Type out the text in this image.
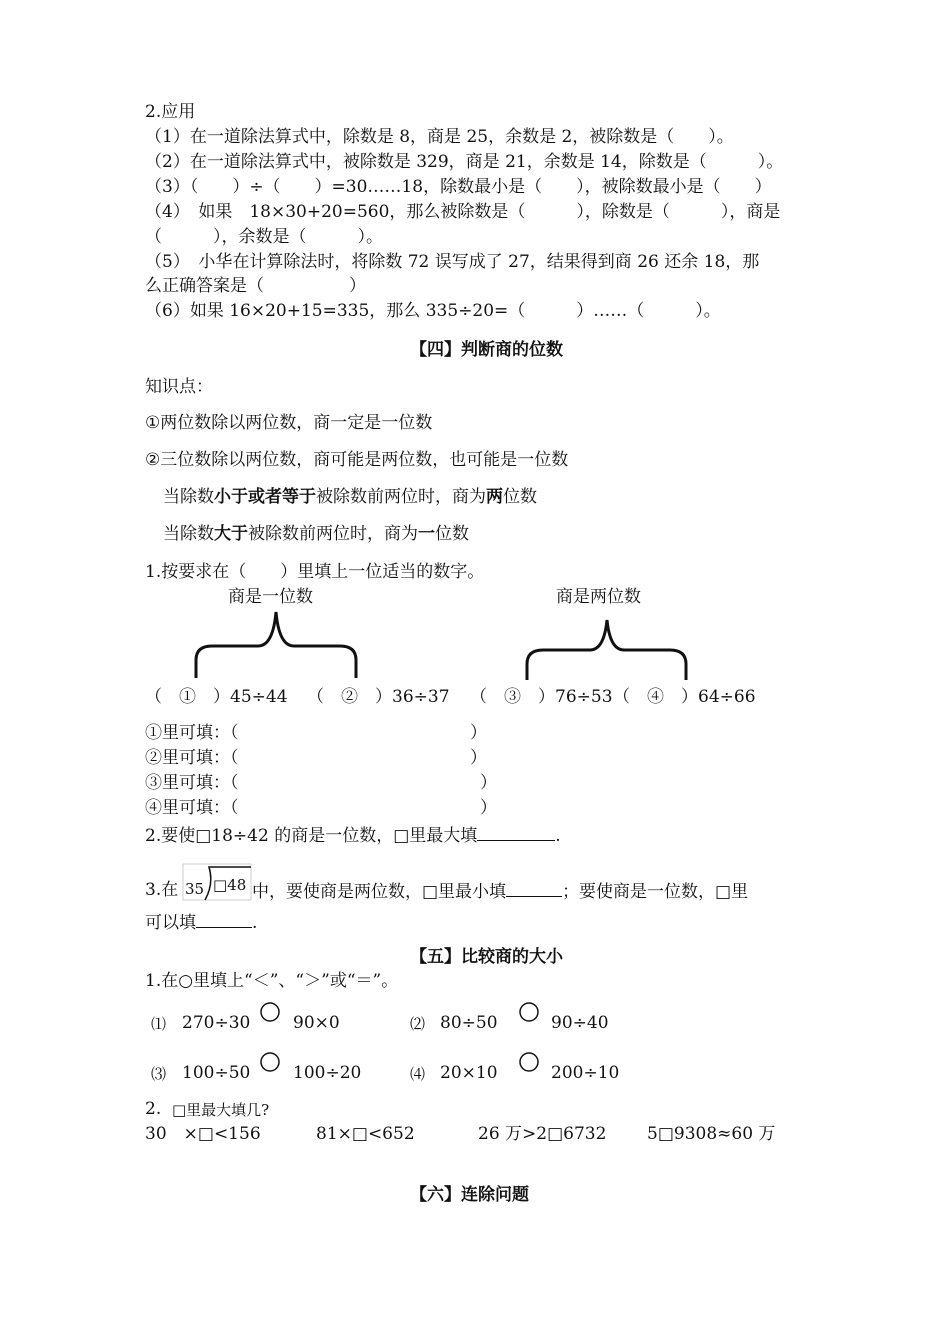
2.应用
（1）在一道除法算式中，除数是 8，商是 25，余数是 2，被除数是（　　）。
（2）在一道除法算式中，被除数是 329，商是 21，余数是 14，除数是（　　　）。
（3）（　　）÷（　　）=30……18，除数最小是（　　），被除数最小是（　　）
（4）　如果　18×30+20=560，那么被除数是（　　　），除数是（　　　），商是
（　　　），余数是（　　　）。
（5）　小华在计算除法时，将除数 72 误写成了 27，结果得到商 26 还余 18，那
么正确答案是（　　　　　）
（6）如果 16×20+15=335，那么 335÷20=（　　　）……（　　　）。
【四】判断商的位数
知识点：
①两位数除以两位数，商一定是一位数
②三位数除以两位数，商可能是两位数，也可能是一位数
当除数小于或者等于被除数前两位时，商为两位数
当除数大于被除数前两位时，商为一位数
1.按要求在（　　）里填上一位适当的数字。
商是一位数	商是两位数
（　①　）45÷44 （　②　）36÷37 （　③　）76÷53 （　④　）64÷66
①里可填：（	）
②里可填：（	）
③里可填：（	）
④里可填：（	）
2.要使□18÷42 的商是一位数，□里最大填	.
35 □48
3.在	中，要使商是两位数，□里最小填	；要使商是一位数，□里
可以填	.
【五】比较商的大小
1.在○里填上“＜”、“＞”或“＝”。
⑴ 270÷30	90×0	⑵ 80÷50	90÷40
⑶ 100÷50	100÷20	⑷ 20×10	200÷10
2. □里最大填几?
30　×□<156	81×□<652	26 万>2□6732 5□9308≈60 万
【六】连除问题
